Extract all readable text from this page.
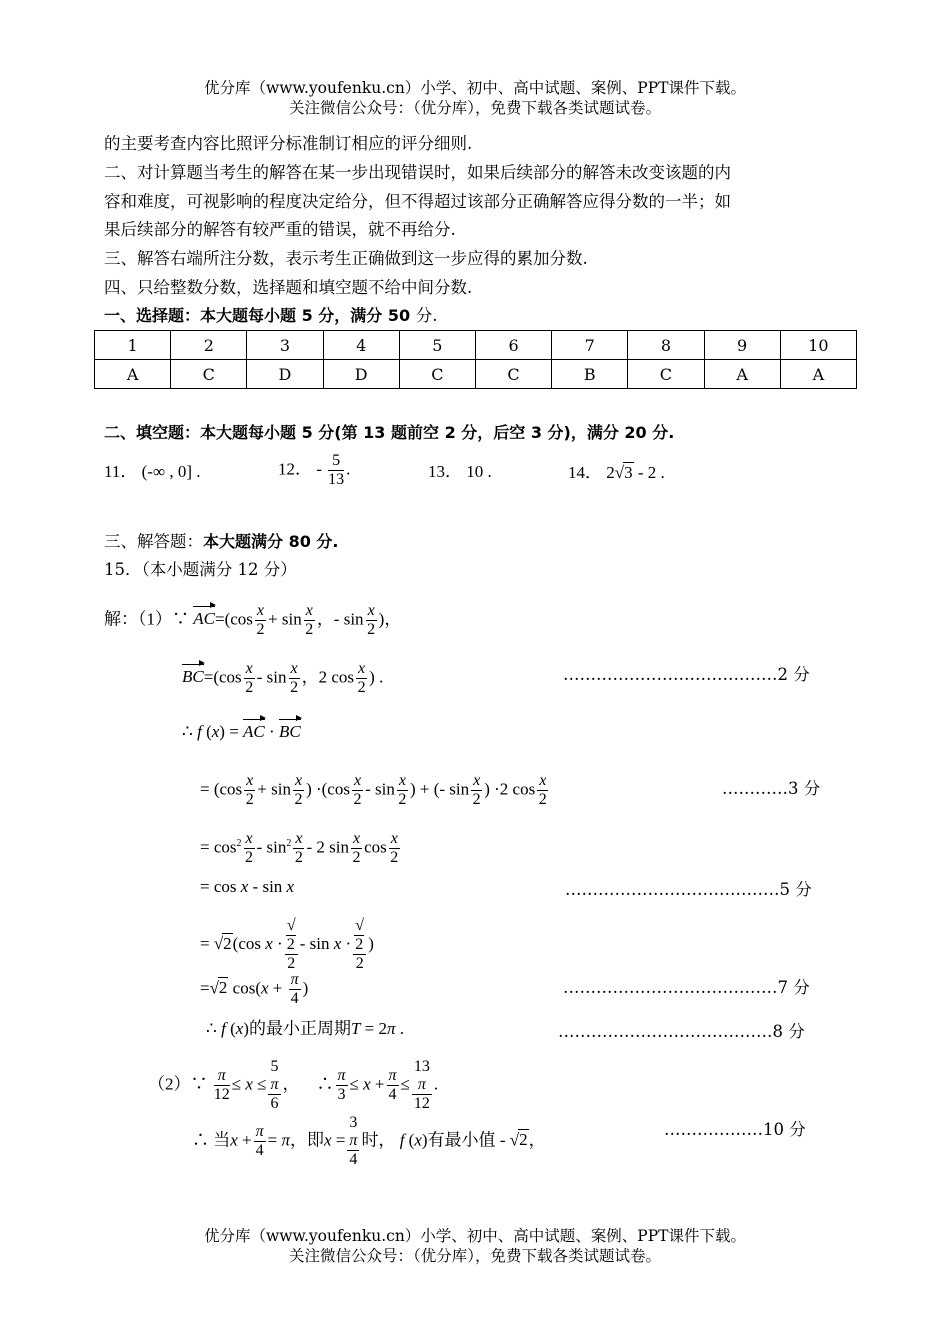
优分库（www.youfenku.cn）小学、初中、高中试题、案例、PPT课件下载。
关注微信公众号：（优分库），免费下载各类试题试卷。
的主要考查内容比照评分标准制订相应的评分细则.
二、对计算题当考生的解答在某一步出现错误时，如果后续部分的解答未改变该题的内
容和难度，可视影响的程度决定给分，但不得超过该部分正确解答应得分数的一半；如
果后续部分的解答有较严重的错误，就不再给分.
三、解答右端所注分数，表示考生正确做到这一步应得的累加分数.
四、只给整数分数，选择题和填空题不给中间分数.
一、选择题：本大题每小题 5 分，满分 50 分.
1	2	3	4	5	6	7	8	9	10
A	C	D	D	C	C	B	C	A	A
二、填空题：本大题每小题 5 分(第 13 题前空 2 分，后空 3 分)，满分 20 分.
11． (-∞ , 0] .	12． - $\frac{5}{13}$ .	13． 10 .	14． 2√3 - 2 .
三、解答题：本大题满分 80 分.
15．（本小题满分 12 分）
解：（1）∵ $AC=(\cos \frac{x}{2} + \sin \frac{x}{2}$ ，- $\sin \frac{x}{2}$ )，
$BC=(\cos \frac{x}{2} - \sin \frac{x}{2}$ ，2 $\cos \frac{x}{2}$ ) .	…………………………………2 分
∴ f (x) = AC · BC
= ($\cos \frac{x}{2} + \sin \frac{x}{2}$ ) $\cdot(\cos \frac{x}{2} - \sin \frac{x}{2}$ ) + (- $\sin \frac{x}{2}$ ) ·2 $\cos \frac{x}{2}$	…………3 分
= $\cos^2 \frac{x}{2} - \sin^2 \frac{x}{2} - 2$ $\sin \frac{x}{2}$ $\cos \frac{x}{2}$
= cos x - sin x	…………………………………5 分
= √2(cos x · √
2
2 - sin x · √
2
2 )
=√2 $\cos(x + \frac{\pi}{4}$ )	…………………………………7 分
∴ f (x)的最小正周期T = 2π .	…………………………………8 分
（2）∵ $\frac{\pi}{12} \le x \le 5$
π
6 ，    ∴ $\frac{\pi}{3} \le x + \frac{\pi}{4} \le 13$
π
12 .
∴ 当$x + \frac{\pi}{4} = \pi$，即x = 3
π
4 时， f (x)有最小值 - √2，
………………10 分
优分库（www.youfenku.cn）小学、初中、高中试题、案例、PPT课件下载。
关注微信公众号：（优分库），免费下载各类试题试卷。
